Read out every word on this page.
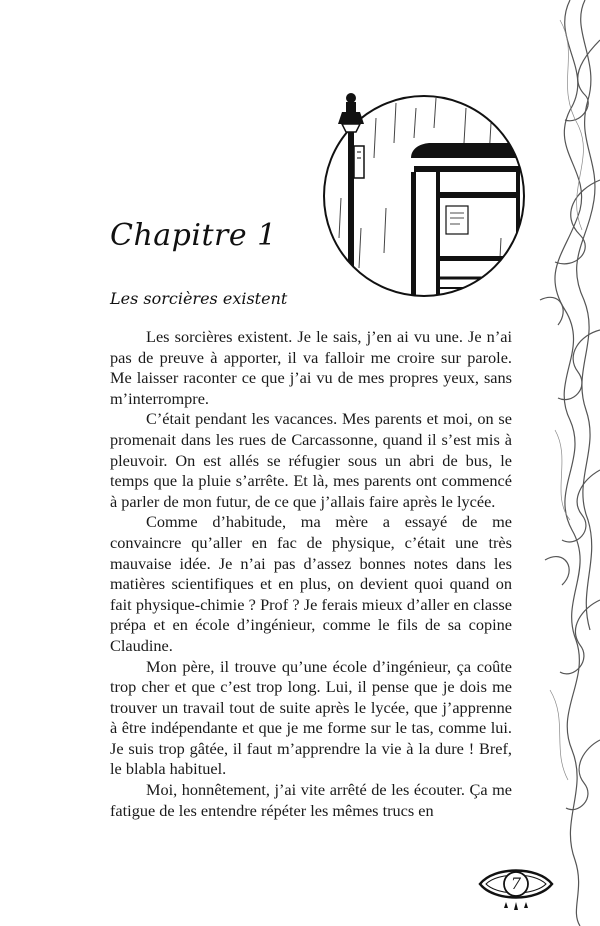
Chapitre 1
Les sorcières existent

Les sorcières existent. Je le sais, j’en ai vu une. Je n’ai pas de preuve à apporter, il va falloir me croire sur parole. Me laisser raconter ce que j’ai vu de mes propres yeux, sans m’interrompre.

C’était pendant les vacances. Mes parents et moi, on se promenait dans les rues de Carcassonne, quand il s’est mis à pleuvoir. On est allés se réfugier sous un abri de bus, le temps que la pluie s’arrête. Et là, mes parents ont commencé à parler de mon futur, de ce que j’allais faire après le lycée.

Comme d’habitude, ma mère a essayé de me convaincre qu’aller en fac de physique, c’était une très mauvaise idée. Je n’ai pas d’assez bonnes notes dans les matières scientifiques et en plus, on devient quoi quand on fait physique-chimie ? Prof ? Je ferais mieux d’aller en classe prépa et en école d’ingénieur, comme le fils de sa copine Claudine.

Mon père, il trouve qu’une école d’ingénieur, ça coûte trop cher et que c’est trop long. Lui, il pense que je dois me trouver un travail tout de suite après le lycée, que j’apprenne à être indépendante et que je me forme sur le tas, comme lui. Je suis trop gâtée, il faut m’apprendre la vie à la dure ! Bref, le blabla habituel.

Moi, honnêtement, j’ai vite arrêté de les écouter. Ça me fatigue de les entendre répéter les mêmes trucs en

7
